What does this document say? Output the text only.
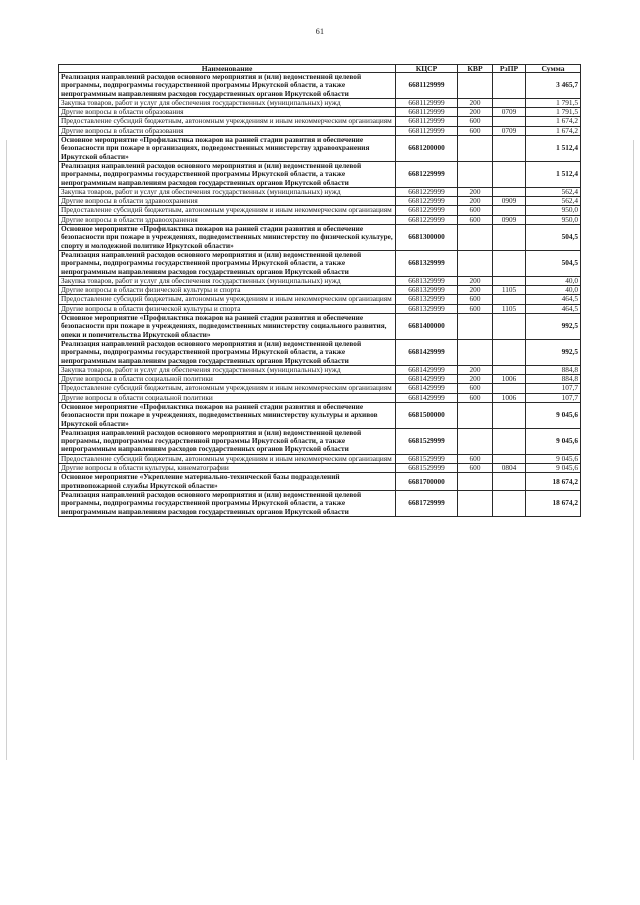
61
Наименование	КЦСР	КВР	РзПР	Сумма
Реализация направлений расходов основного мероприятия и (или) ведомственной целевой программы, подпрограммы государственной программы Иркутской области, а также непрограммным направлениям расходов государственных органов Иркутской области	6681129999			3 465,7
Закупка товаров, работ и услуг для обеспечения государственных (муниципальных) нужд	6681129999	200		1 791,5
Другие вопросы в области образования	6681129999	200	0709	1 791,5
Предоставление субсидий бюджетным, автономным учреждениям и иным некоммерческим организациям	6681129999	600		1 674,2
Другие вопросы в области образования	6681129999	600	0709	1 674,2
Основное мероприятие «Профилактика пожаров на ранней стадии развития и обеспечение безопасности при пожаре в организациях, подведомственных министерству здравоохранения Иркутской области»	6681200000			1 512,4
Реализация направлений расходов основного мероприятия и (или) ведомственной целевой программы, подпрограммы государственной программы Иркутской области, а также непрограммным направлениям расходов государственных органов Иркутской области	6681229999			1 512,4
Закупка товаров, работ и услуг для обеспечения государственных (муниципальных) нужд	6681229999	200		562,4
Другие вопросы в области здравоохранения	6681229999	200	0909	562,4
Предоставление субсидий бюджетным, автономным учреждениям и иным некоммерческим организациям	6681229999	600		950,0
Другие вопросы в области здравоохранения	6681229999	600	0909	950,0
Основное мероприятие «Профилактика пожаров на ранней стадии развития и обеспечение безопасности при пожаре в учреждениях, подведомственных министерству по физической культуре, спорту и молодежной политике Иркутской области»	6681300000			504,5
Реализация направлений расходов основного мероприятия и (или) ведомственной целевой программы, подпрограммы государственной программы Иркутской области, а также непрограммным направлениям расходов государственных органов Иркутской области	6681329999			504,5
Закупка товаров, работ и услуг для обеспечения государственных (муниципальных) нужд	6681329999	200		40,0
Другие вопросы в области физической культуры и спорта	6681329999	200	1105	40,0
Предоставление субсидий бюджетным, автономным учреждениям и иным некоммерческим организациям	6681329999	600		464,5
Другие вопросы в области физической культуры и спорта	6681329999	600	1105	464,5
Основное мероприятие «Профилактика пожаров на ранней стадии развития и обеспечение безопасности при пожаре в учреждениях, подведомственных министерству социального развития, опеки и попечительства Иркутской области»	6681400000			992,5
Реализация направлений расходов основного мероприятия и (или) ведомственной целевой программы, подпрограммы государственной программы Иркутской области, а также непрограммным направлениям расходов государственных органов Иркутской области	6681429999			992,5
Закупка товаров, работ и услуг для обеспечения государственных (муниципальных) нужд	6681429999	200		884,8
Другие вопросы в области социальной политики	6681429999	200	1006	884,8
Предоставление субсидий бюджетным, автономным учреждениям и иным некоммерческим организациям	6681429999	600		107,7
Другие вопросы в области социальной политики	6681429999	600	1006	107,7
Основное мероприятие «Профилактика пожаров на ранней стадии развития и обеспечение безопасности при пожаре в учреждениях, подведомственных министерству культуры и архивов Иркутской области»	6681500000			9 045,6
Реализация направлений расходов основного мероприятия и (или) ведомственной целевой программы, подпрограммы государственной программы Иркутской области, а также непрограммным направлениям расходов государственных органов Иркутской области	6681529999			9 045,6
Предоставление субсидий бюджетным, автономным учреждениям и иным некоммерческим организациям	6681529999	600		9 045,6
Другие вопросы в области культуры, кинематографии	6681529999	600	0804	9 045,6
Основное мероприятие «Укрепление материально-технической базы подразделений противопожарной службы Иркутской области»	6681700000			18 674,2
Реализация направлений расходов основного мероприятия и (или) ведомственной целевой программы, подпрограммы государственной программы Иркутской области, а также непрограммным направлениям расходов государственных органов Иркутской области	6681729999			18 674,2
